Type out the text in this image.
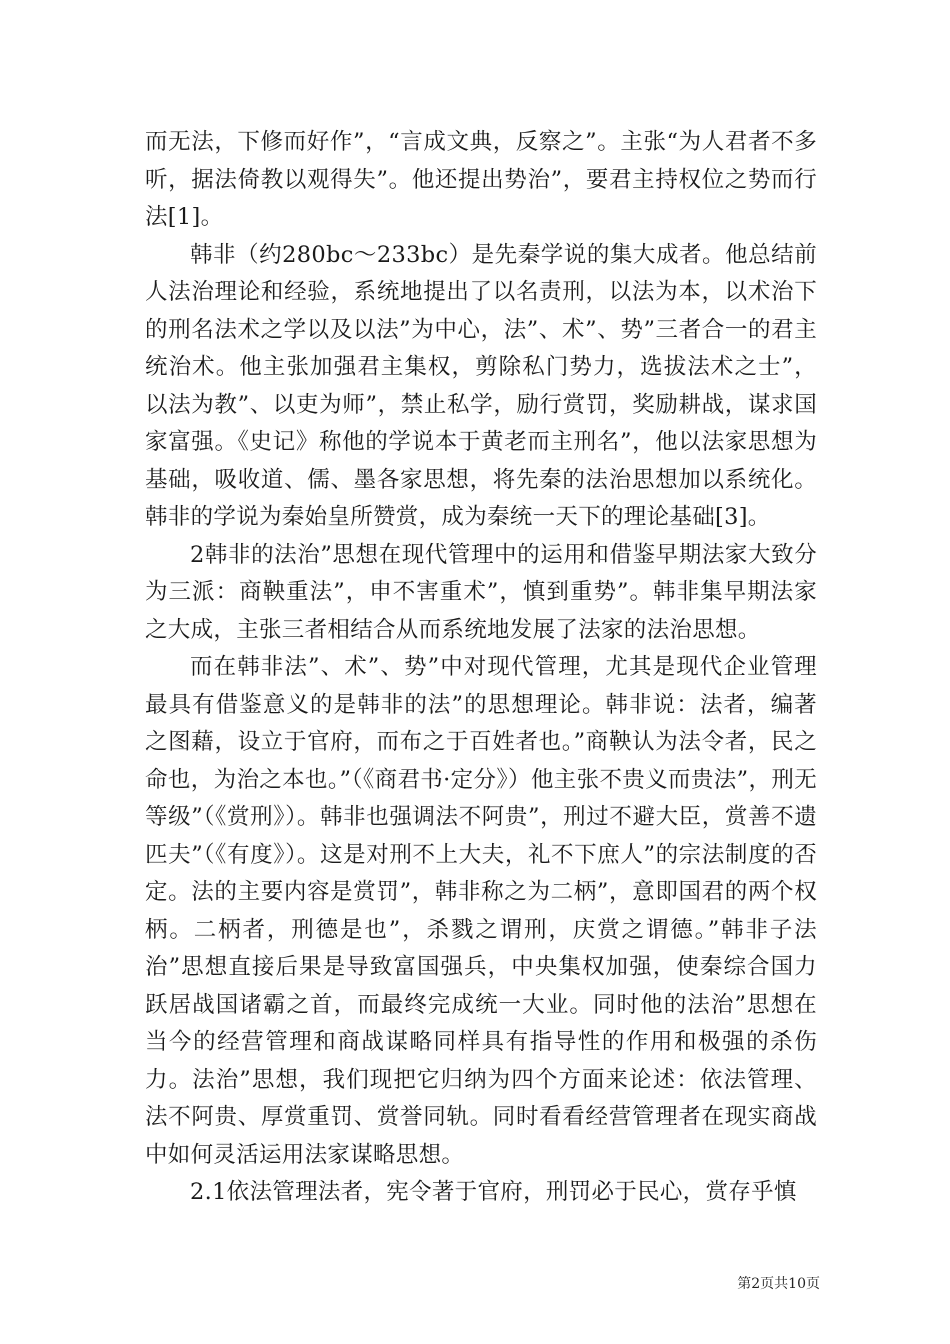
而无法，下修而好作”，“言成文典，反察之”。主张“为人君者不多听，据法倚教以观得失”。他还提出势治”，要君主持权位之势而行法[1]。

韩非（约280bc～233bc）是先秦学说的集大成者。他总结前人法治理论和经验，系统地提出了以名责刑，以法为本，以术治下的刑名法术之学以及以法”为中心，法”、术”、势”三者合一的君主统治术。他主张加强君主集权，剪除私门势力，选拔法术之士”，以法为教”、以吏为师”，禁止私学，励行赏罚，奖励耕战，谋求国家富强。《史记》称他的学说本于黄老而主刑名”，他以法家思想为基础，吸收道、儒、墨各家思想，将先秦的法治思想加以系统化。韩非的学说为秦始皇所赞赏，成为秦统一天下的理论基础[3]。

2韩非的法治”思想在现代管理中的运用和借鉴早期法家大致分为三派：商鞅重法”，申不害重术”，慎到重势”。韩非集早期法家之大成，主张三者相结合从而系统地发展了法家的法治思想。

而在韩非法”、术”、势”中对现代管理，尤其是现代企业管理最具有借鉴意义的是韩非的法”的思想理论。韩非说：法者，编著之图藉，设立于官府，而布之于百姓者也。”商鞅认为法令者，民之命也，为治之本也。”（《商君书·定分》）他主张不贵义而贵法”，刑无等级”（《赏刑》）。韩非也强调法不阿贵”，刑过不避大臣，赏善不遗匹夫”（《有度》）。这是对刑不上大夫，礼不下庶人”的宗法制度的否定。法的主要内容是赏罚”，韩非称之为二柄”，意即国君的两个权柄。二柄者，刑德是也”，杀戮之谓刑，庆赏之谓德。”韩非子法治”思想直接后果是导致富国强兵，中央集权加强，使秦综合国力跃居战国诸霸之首，而最终完成统一大业。同时他的法治”思想在当今的经营管理和商战谋略同样具有指导性的作用和极强的杀伤力。法治”思想，我们现把它归纳为四个方面来论述：依法管理、法不阿贵、厚赏重罚、赏誉同轨。同时看看经营管理者在现实商战中如何灵活运用法家谋略思想。

2.1依法管理法者，宪令著于官府，刑罚必于民心，赏存乎慎

第2页共10页
